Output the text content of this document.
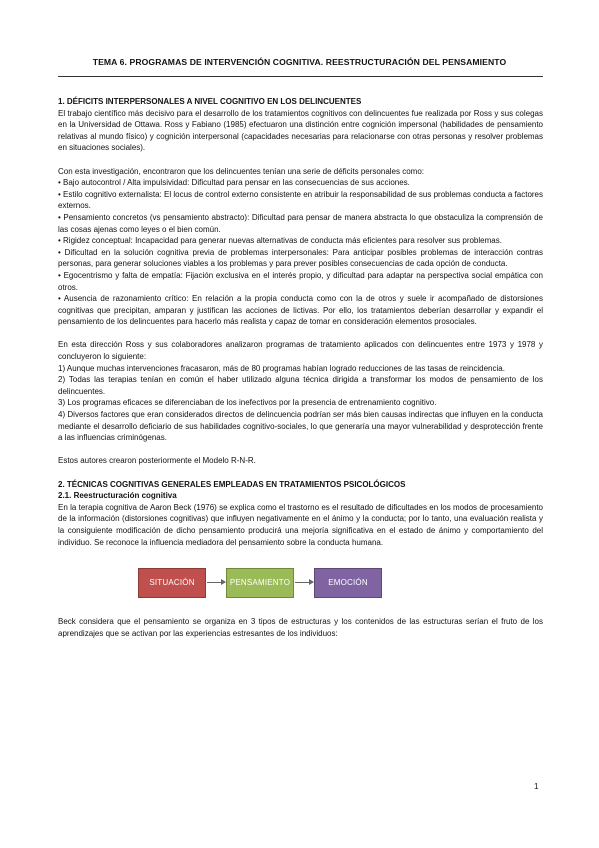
TEMA 6. PROGRAMAS DE INTERVENCIÓN COGNITIVA. REESTRUCTURACIÓN DEL PENSAMIENTO

1. DÉFICITS INTERPERSONALES A NIVEL COGNITIVO EN LOS DELINCUENTES

El trabajo científico más decisivo para el desarrollo de los tratamientos cognitivos con delincuentes fue realizada por Ross y sus colegas en la Universidad de Ottawa. Ross y Fabiano (1985) efectuaron una distinción entre cognición impersonal (habilidades de pensamiento relativas al mundo físico) y cognición interpersonal (capacidades necesarias para relacionarse con otras personas y resolver problemas en situaciones sociales).

Con esta investigación, encontraron que los delincuentes tenían una serie de déficits personales como:

• Bajo autocontrol / Alta impulsividad: Dificultad para pensar en las consecuencias de sus acciones.

• Estilo cognitivo externalista: El locus de control externo consistente en atribuir la responsabilidad de sus problemas conducta a factores externos.

• Pensamiento concretos (vs pensamiento abstracto): Dificultad para pensar de manera abstracta lo que obstaculiza la comprensión de las cosas ajenas como leyes o el bien común.

• Rigidez conceptual: Incapacidad para generar nuevas alternativas de conducta más eficientes para resolver sus problemas.

• Dificultad en la solución cognitiva previa de problemas interpersonales: Para anticipar posibles problemas de interacción contras personas, para generar soluciones viables a los problemas y para prever posibles consecuencias de cada opción de conducta.

• Egocentrismo y falta de empatía: Fijación exclusiva en el interés propio, y dificultad para adaptar na perspectiva social empática con otros.

• Ausencia de razonamiento crítico: En relación a la propia conducta como con la de otros y suele ir acompañado de distorsiones cognitivas que precipitan, amparan y justifican las acciones de lictivas. Por ello, los tratamientos deberían desarrollar y expandir el pensamiento de los delincuentes para hacerlo más realista y capaz de tomar en consideración elementos prosociales.

En esta dirección Ross y sus colaboradores analizaron programas de tratamiento aplicados con delincuentes entre 1973 y 1978 y concluyeron lo siguiente:

1) Aunque muchas intervenciones fracasaron, más de 80 programas habían logrado reducciones de las tasas de reincidencia.

2) Todas las terapias tenían en común el haber utilizado alguna técnica dirigida a transformar los modos de pensamiento de los delincuentes.

3) Los programas eficaces se diferenciaban de los inefectivos por la presencia de entrenamiento cognitivo.

4) Diversos factores que eran considerados directos de delincuencia podrían ser más bien causas indirectas que influyen en la conducta mediante el desarrollo deficiario de sus habilidades cognitivo-sociales, lo que generaría una mayor vulnerabilidad y desprotección frente a las influencias criminógenas.

Estos autores crearon posteriormente el Modelo R-N-R.

2. TÉCNICAS COGNITIVAS GENERALES EMPLEADAS EN TRATAMIENTOS PSICOLÓGICOS

2.1. Reestructuración cognitiva

En la terapia cognitiva de Aaron Beck (1976) se explica como el trastorno es el resultado de dificultades en los modos de procesamiento de la información (distorsiones cognitivas) que influyen negativamente en el ánimo y la conducta; por lo tanto, una evaluación realista y la consiguiente modificación de dicho pensamiento producirá una mejoría significativa en el estado de ánimo y comportamiento del individuo. Se reconoce la influencia mediadora del pensamiento sobre la conducta humana.

SITUACIÓN	PENSAMIENTO	EMOCIÓN

Beck considera que el pensamiento se organiza en 3 tipos de estructuras y los contenidos de las estructuras serían el fruto de los aprendizajes que se activan por las experiencias estresantes de los individuos:

1
